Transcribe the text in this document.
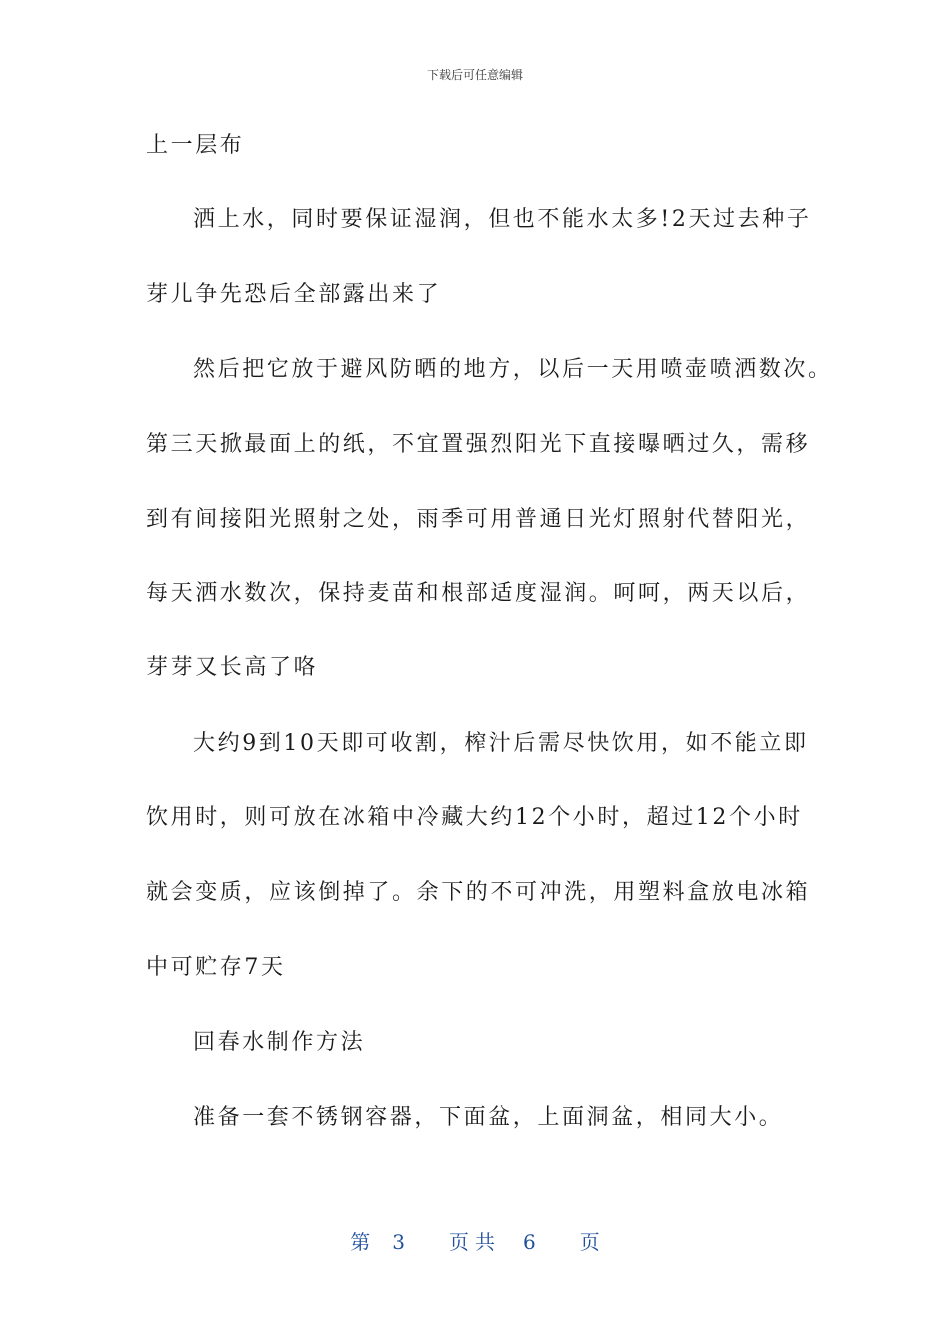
下载后可任意编辑
上一层布
洒上水，同时要保证湿润，但也不能水太多!2天过去种子
芽儿争先恐后全部露出来了
然后把它放于避风防晒的地方，以后一天用喷壶喷洒数次。
第三天掀最面上的纸，不宜置强烈阳光下直接曝晒过久，需移
到有间接阳光照射之处，雨季可用普通日光灯照射代替阳光，
每天洒水数次，保持麦苗和根部适度湿润。呵呵，两天以后，
芽芽又长高了咯
大约9到10天即可收割，榨汁后需尽快饮用，如不能立即
饮用时，则可放在冰箱中冷藏大约12个小时，超过12个小时
就会变质，应该倒掉了。余下的不可冲洗，用塑料盒放电冰箱
中可贮存7天
回春水制作方法
准备一套不锈钢容器，下面盆，上面洞盆，相同大小。
第 3 页共 6 页
